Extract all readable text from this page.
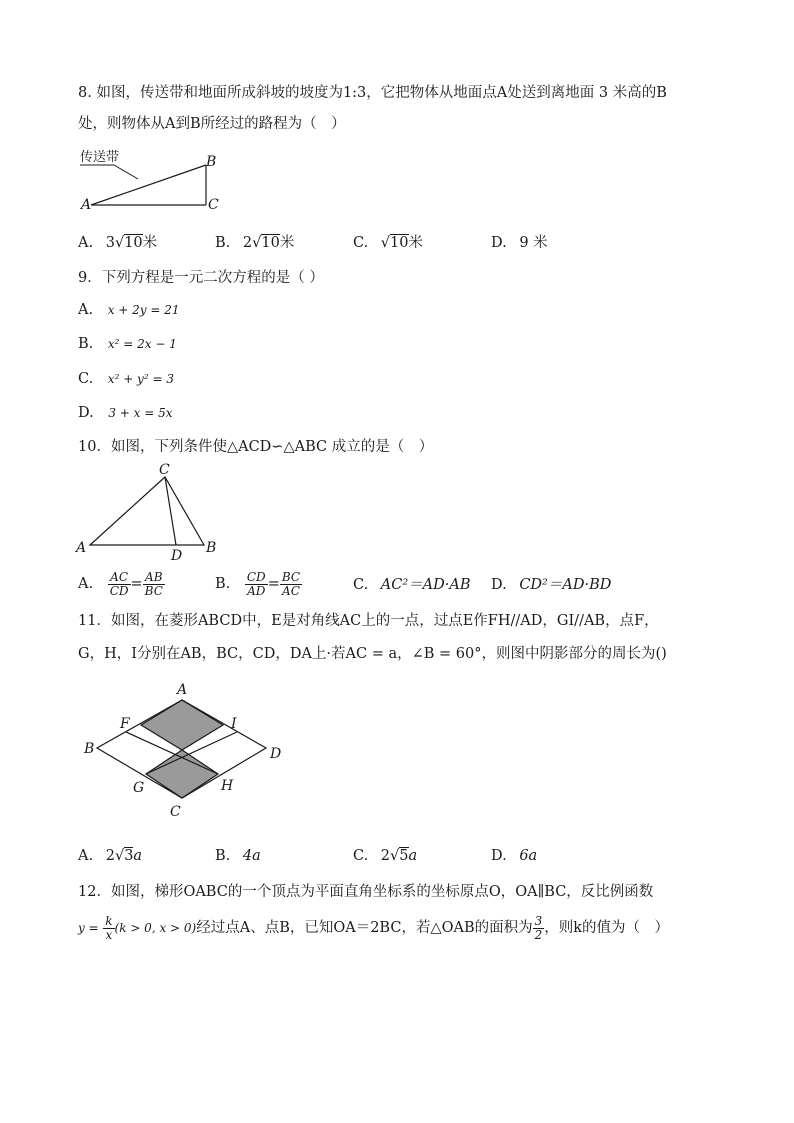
8. 如图，传送带和地面所成斜坡的坡度为1:3，它把物体从地面点A处送到离地面 3 米高的B
处，则物体从A到B所经过的路程为（　）
传送带
A
B
C
A. 3√10米	B. 2√10米	C. √10米	D. 9 米
9．下列方程是一元二次方程的是（ ）
A. x + 2y = 21
B. x² = 2x − 1
C. x² + y² = 3
D. 3 + x = 5x
10．如图，下列条件使△ACD∽△ABC 成立的是（　）
C
A	D B
A. $\frac{AC}{CD} = \frac{AB}{BC}$	B. $\frac{CD}{AD} = \frac{BC}{AC}$	C. AC²＝AD·AB D. CD²＝AD·BD
11．如图，在菱形ABCD中，E是对角线AC上的一点，过点E作FH//AD，GI//AB，点F，
G，H，I分别在AB，BC，CD，DA上·若AC = a，∠B = 60°，则图中阴影部分的周长为()
A
F	I
B	D
G	H
C
A. 2√3a	B. 4a	C. 2√5a	D. 6a
12．如图，梯形OABC的一个顶点为平面直角坐标系的坐标原点O，OA∥BC，反比例函数
$y = \frac{k}{x} (k > 0$, x > 0)经过点A、点B，已知OA＝2BC，若△OAB的面积为 $\frac{3}{2}$ ，则k的值为（　）
